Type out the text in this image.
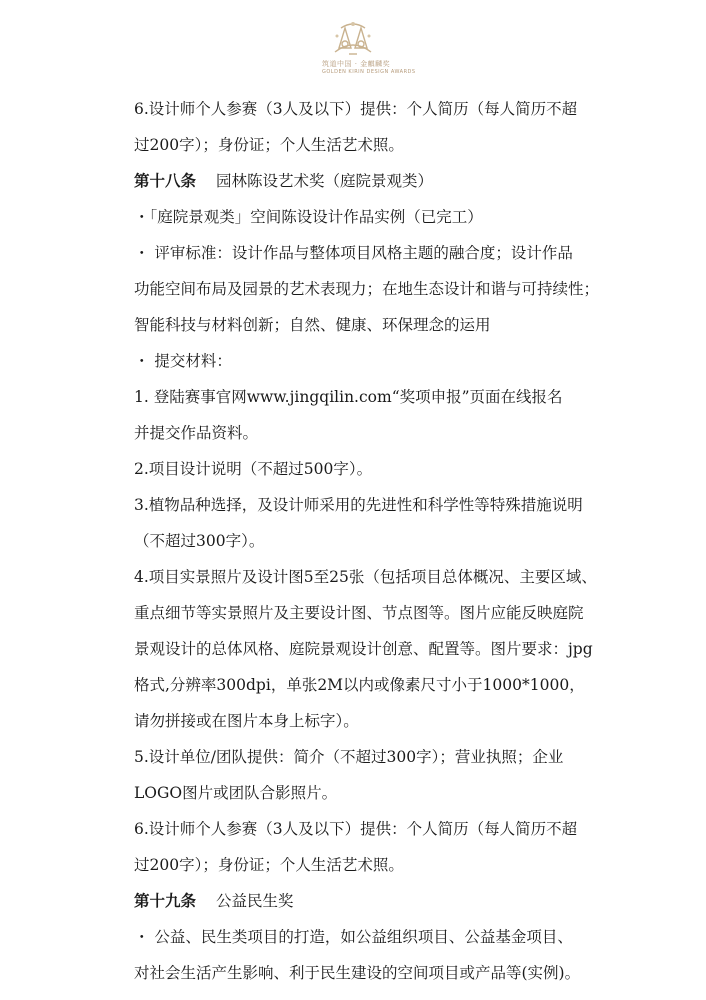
筑道中国 · 金麒麟奖
GOLDEN KIRIN DESIGN AWARDS
6.设计师个人参赛（3人及以下）提供：个人简历（每人简历不超
过200字）；身份证；个人生活艺术照。
第十八条 园林陈设艺术奖（庭院景观类）
・「庭院景观类」空间陈设设计作品实例（已完工）
・ 评审标准：设计作品与整体项目风格主题的融合度；设计作品
功能空间布局及园景的艺术表现力；在地生态设计和谐与可持续性；
智能科技与材料创新；自然、健康、环保理念的运用
・ 提交材料：
1. 登陆赛事官网www.jingqilin.com“奖项申报”页面在线报名
并提交作品资料。
2.项目设计说明（不超过500字）。
3.植物品种选择，及设计师采用的先进性和科学性等特殊措施说明
（不超过300字）。
4.项目实景照片及设计图5至25张（包括项目总体概况、主要区域、
重点细节等实景照片及主要设计图、节点图等。图片应能反映庭院
景观设计的总体风格、庭院景观设计创意、配置等。图片要求：jpg
格式,分辨率300dpi，单张2M以内或像素尺寸小于1000*1000，
请勿拼接或在图片本身上标字）。
5.设计单位/团队提供：简介（不超过300字）；营业执照；企业
LOGO图片或团队合影照片。
6.设计师个人参赛（3人及以下）提供：个人简历（每人简历不超
过200字）；身份证；个人生活艺术照。
第十九条 公益民生奖
・ 公益、民生类项目的打造，如公益组织项目、公益基金项目、
对社会生活产生影响、利于民生建设的空间项目或产品等(实例)。
